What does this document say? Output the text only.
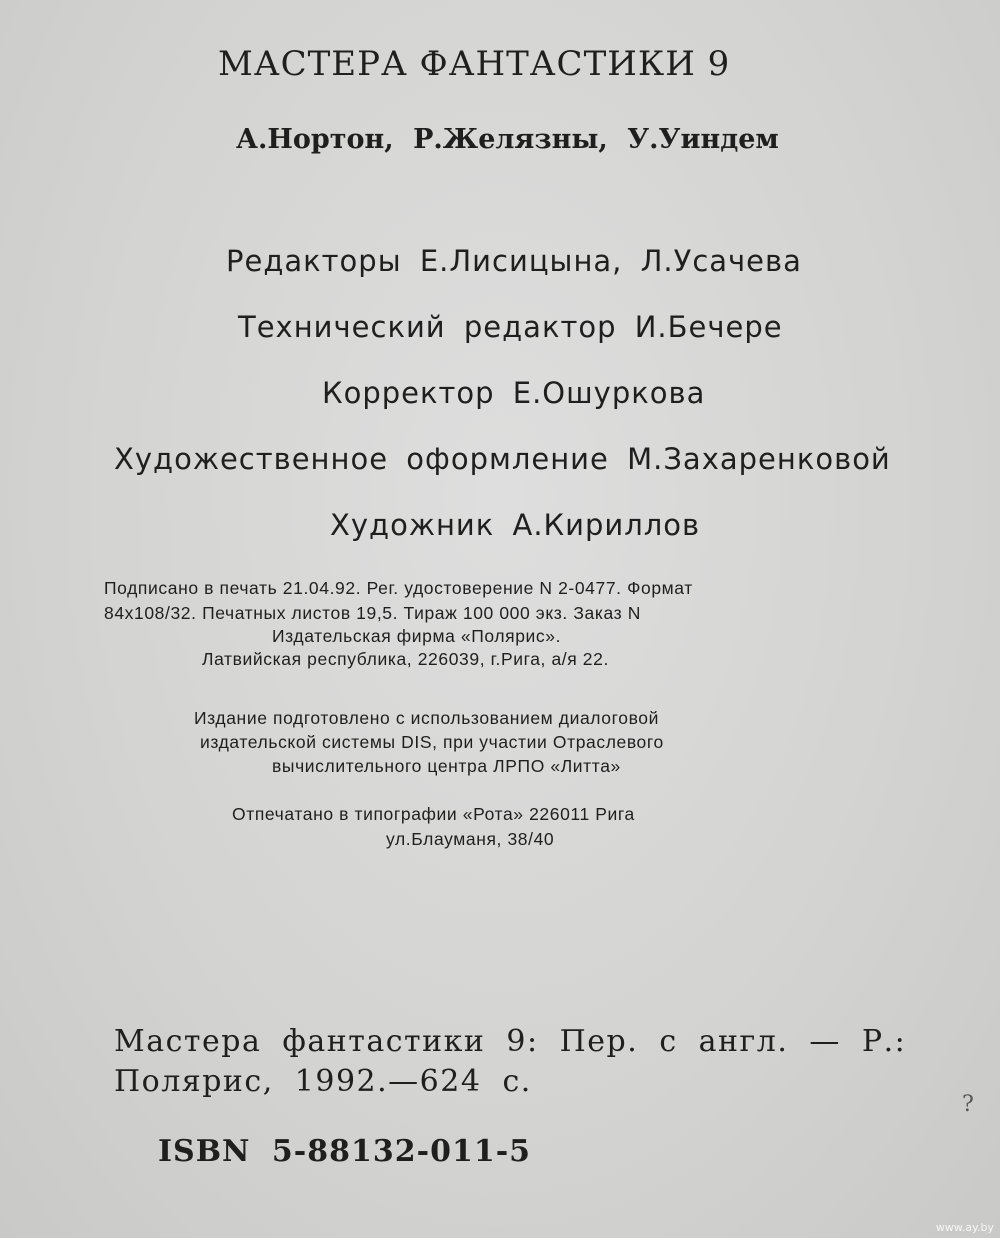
МАСТЕРА ФАНТАСТИКИ 9
А.Нортон, Р.Желязны, У.Уиндем
Редакторы Е.Лисицына, Л.Усачева
Технический редактор И.Бечере
Корректор Е.Ошуркова
Художественное оформление М.Захаренковой
Художник А.Кириллов
Подписано в печать 21.04.92. Рег. удостоверение N 2-0477. Формат
84x108/32. Печатных листов 19,5. Тираж 100 000 экз. Заказ N
Издательская фирма «Полярис».
Латвийская республика, 226039, г.Рига, а/я 22.
Издание подготовлено с использованием диалоговой
издательской системы DIS, при участии Отраслевого
вычислительного центра ЛРПО «Литта»
Отпечатано в типографии «Рота» 226011 Рига
ул.Блауманя, 38/40
Мастера фантастики 9: Пер. с англ. — Р.:
Полярис, 1992.—624 с.
ISBN 5-88132-011-5
?
www.ay.by
